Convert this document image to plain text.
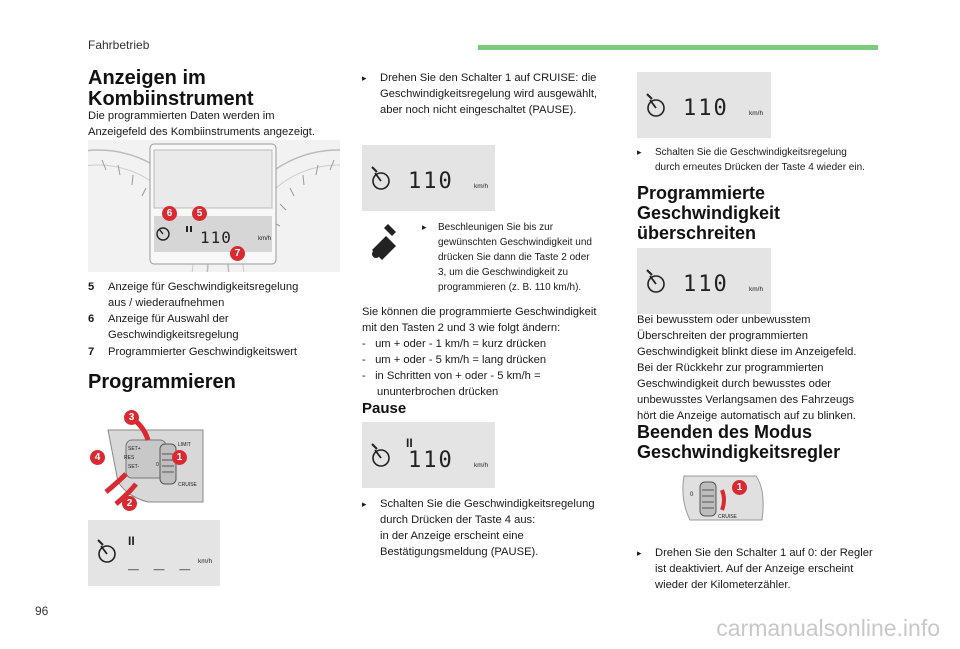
Fahrbetrieb
Anzeigen im
Kombiinstrument
Die programmierten Daten werden im
Anzeigefeld des Kombiinstruments angezeigt.
110	km/h
6	5
7
5 Anzeige für Geschwindigkeitsregelung
aus / wiederaufnehmen
6 Anzeige für Auswahl der
Geschwindigkeitsregelung
7 Programmierter Geschwindigkeitswert
Programmieren
LIMIT
CRUISE
SET+
SET-	0
RES
3
4	1
2
II
_ _ _ km/h
▸ Drehen Sie den Schalter 1 auf CRUISE: die
Geschwindigkeitsregelung wird ausgewählt,
aber noch nicht eingeschaltet (PAUSE).
110	km/h
▸ Beschleunigen Sie bis zur
gewünschten Geschwindigkeit und
drücken Sie dann die Taste 2 oder
3, um die Geschwindigkeit zu
programmieren (z. B. 110 km/h).
Sie können die programmierte Geschwindigkeit
mit den Tasten 2 und 3 wie folgt ändern:
-   um + oder - 1 km/h = kurz drücken
-   um + oder - 5 km/h = lang drücken
-   in Schritten von + oder - 5 km/h =
ununterbrochen drücken
Pause
II
110	km/h
▸ Schalten Sie die Geschwindigkeitsregelung
durch Drücken der Taste 4 aus:
in der Anzeige erscheint eine
Bestätigungsmeldung (PAUSE).
110	km/h
▸ Schalten Sie die Geschwindigkeitsregelung
durch erneutes Drücken der Taste 4 wieder ein.
Programmierte
Geschwindigkeit
überschreiten
110	km/h
Bei bewusstem oder unbewusstem
Überschreiten der programmierten
Geschwindigkeit blinkt diese im Anzeigefeld.
Bei der Rückkehr zur programmierten
Geschwindigkeit durch bewusstes oder
unbewusstes Verlangsamen des Fahrzeugs
hört die Anzeige automatisch auf zu blinken.
Beenden des Modus
Geschwindigkeitsregler
0
CRUISE
1
▸ Drehen Sie den Schalter 1 auf 0: der Regler
ist deaktiviert. Auf der Anzeige erscheint
wieder der Kilometerzähler.
96
carmanualsonline.info
